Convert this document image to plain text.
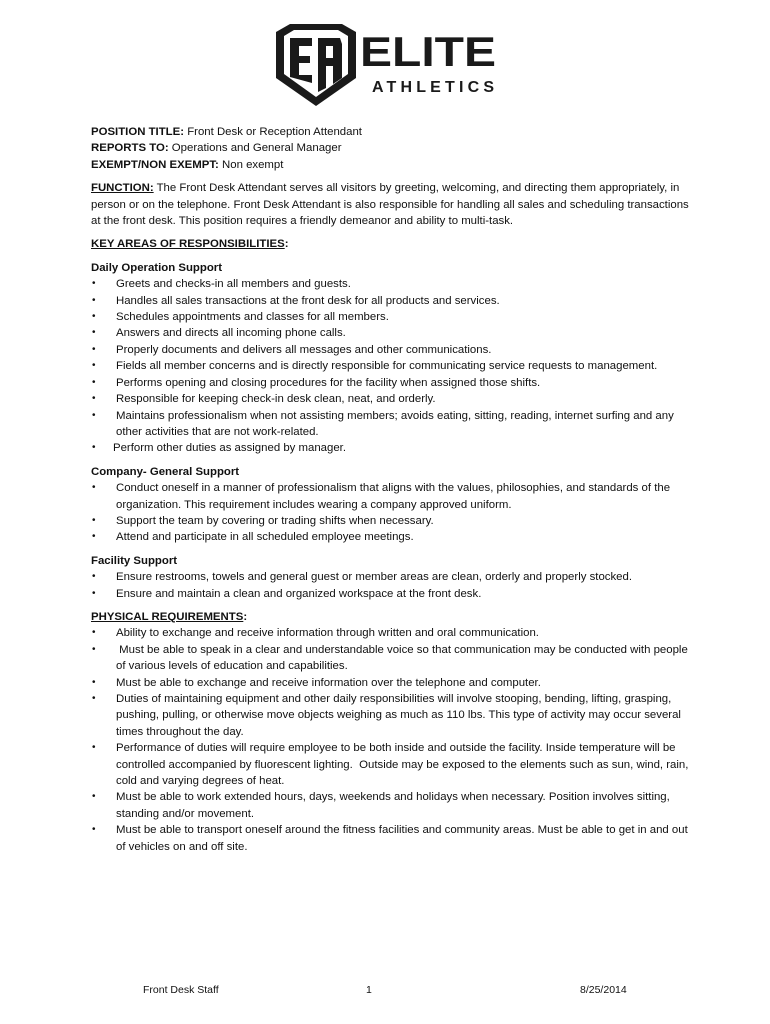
ELITE
ATHLETICS

POSITION TITLE: Front Desk or Reception Attendant

REPORTS TO: Operations and General Manager

EXEMPT/NON EXEMPT: Non exempt

FUNCTION: The Front Desk Attendant serves all visitors by greeting, welcoming, and directing them appropriately, in person or on the telephone. Front Desk Attendant is also responsible for handling all sales and scheduling transactions at the front desk. This position requires a friendly demeanor and ability to multi-task.

KEY AREAS OF RESPONSIBILITIES:

Daily Operation Support

• Greets and checks-in all members and guests.
• Handles all sales transactions at the front desk for all products and services.
• Schedules appointments and classes for all members.
• Answers and directs all incoming phone calls.
• Properly documents and delivers all messages and other communications.
• Fields all member concerns and is directly responsible for communicating service requests to management.
• Performs opening and closing procedures for the facility when assigned those shifts.
• Responsible for keeping check-in desk clean, neat, and orderly.
• Maintains professionalism when not assisting members; avoids eating, sitting, reading, internet surfing and any other activities that are not work-related.
• Perform other duties as assigned by manager.

Company- General Support

• Conduct oneself in a manner of professionalism that aligns with the values, philosophies, and standards of the organization. This requirement includes wearing a company approved uniform.
• Support the team by covering or trading shifts when necessary.
• Attend and participate in all scheduled employee meetings.

Facility Support

• Ensure restrooms, towels and general guest or member areas are clean, orderly and properly stocked.
• Ensure and maintain a clean and organized workspace at the front desk.

PHYSICAL REQUIREMENTS:

• Ability to exchange and receive information through written and oral communication.
• Must be able to speak in a clear and understandable voice so that communication may be conducted with people of various levels of education and capabilities.
• Must be able to exchange and receive information over the telephone and computer.
• Duties of maintaining equipment and other daily responsibilities will involve stooping, bending, lifting, grasping, pushing, pulling, or otherwise move objects weighing as much as 110 lbs. This type of activity may occur several times throughout the day.
• Performance of duties will require employee to be both inside and outside the facility. Inside temperature will be controlled accompanied by fluorescent lighting.  Outside may be exposed to the elements such as sun, wind, rain, cold and varying degrees of heat.
• Must be able to work extended hours, days, weekends and holidays when necessary. Position involves sitting, standing and/or movement.
• Must be able to transport oneself around the fitness facilities and community areas. Must be able to get in and out of vehicles on and off site.
Front Desk Staff	1	8/25/2014
